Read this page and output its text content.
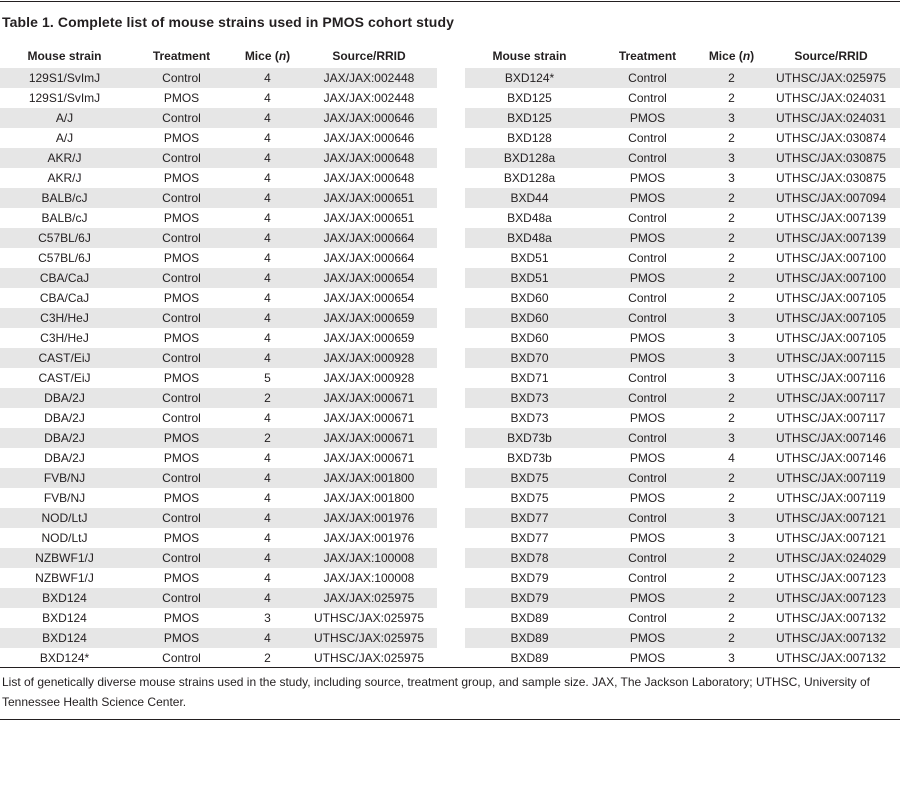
Table 1. Complete list of mouse strains used in PMOS cohort study
Mouse strain	Treatment	Mice (n)	Source/RRID
129S1/SvImJ	Control	4	JAX/JAX:002448
129S1/SvImJ	PMOS	4	JAX/JAX:002448
A/J	Control	4	JAX/JAX:000646
A/J	PMOS	4	JAX/JAX:000646
AKR/J	Control	4	JAX/JAX:000648
AKR/J	PMOS	4	JAX/JAX:000648
BALB/cJ	Control	4	JAX/JAX:000651
BALB/cJ	PMOS	4	JAX/JAX:000651
C57BL/6J	Control	4	JAX/JAX:000664
C57BL/6J	PMOS	4	JAX/JAX:000664
CBA/CaJ	Control	4	JAX/JAX:000654
CBA/CaJ	PMOS	4	JAX/JAX:000654
C3H/HeJ	Control	4	JAX/JAX:000659
C3H/HeJ	PMOS	4	JAX/JAX:000659
CAST/EiJ	Control	4	JAX/JAX:000928
CAST/EiJ	PMOS	5	JAX/JAX:000928
DBA/2J	Control	2	JAX/JAX:000671
DBA/2J	Control	4	JAX/JAX:000671
DBA/2J	PMOS	2	JAX/JAX:000671
DBA/2J	PMOS	4	JAX/JAX:000671
FVB/NJ	Control	4	JAX/JAX:001800
FVB/NJ	PMOS	4	JAX/JAX:001800
NOD/LtJ	Control	4	JAX/JAX:001976
NOD/LtJ	PMOS	4	JAX/JAX:001976
NZBWF1/J	Control	4	JAX/JAX:100008
NZBWF1/J	PMOS	4	JAX/JAX:100008
BXD124	Control	4	JAX/JAX:025975
BXD124	PMOS	3	UTHSC/JAX:025975
BXD124	PMOS	4	UTHSC/JAX:025975
BXD124*	Control	2	UTHSC/JAX:025975
Mouse strain	Treatment	Mice (n)	Source/RRID
BXD124*	Control	2	UTHSC/JAX:025975
BXD125	Control	2	UTHSC/JAX:024031
BXD125	PMOS	3	UTHSC/JAX:024031
BXD128	Control	2	UTHSC/JAX:030874
BXD128a	Control	3	UTHSC/JAX:030875
BXD128a	PMOS	3	UTHSC/JAX:030875
BXD44	PMOS	2	UTHSC/JAX:007094
BXD48a	Control	2	UTHSC/JAX:007139
BXD48a	PMOS	2	UTHSC/JAX:007139
BXD51	Control	2	UTHSC/JAX:007100
BXD51	PMOS	2	UTHSC/JAX:007100
BXD60	Control	2	UTHSC/JAX:007105
BXD60	Control	3	UTHSC/JAX:007105
BXD60	PMOS	3	UTHSC/JAX:007105
BXD70	PMOS	3	UTHSC/JAX:007115
BXD71	Control	3	UTHSC/JAX:007116
BXD73	Control	2	UTHSC/JAX:007117
BXD73	PMOS	2	UTHSC/JAX:007117
BXD73b	Control	3	UTHSC/JAX:007146
BXD73b	PMOS	4	UTHSC/JAX:007146
BXD75	Control	2	UTHSC/JAX:007119
BXD75	PMOS	2	UTHSC/JAX:007119
BXD77	Control	3	UTHSC/JAX:007121
BXD77	PMOS	3	UTHSC/JAX:007121
BXD78	Control	2	UTHSC/JAX:024029
BXD79	Control	2	UTHSC/JAX:007123
BXD79	PMOS	2	UTHSC/JAX:007123
BXD89	Control	2	UTHSC/JAX:007132
BXD89	PMOS	2	UTHSC/JAX:007132
BXD89	PMOS	3	UTHSC/JAX:007132

List of genetically diverse mouse strains used in the study, including source, treatment group, and sample size. JAX, The Jackson Laboratory; UTHSC, University of Tennessee Health Science Center.
